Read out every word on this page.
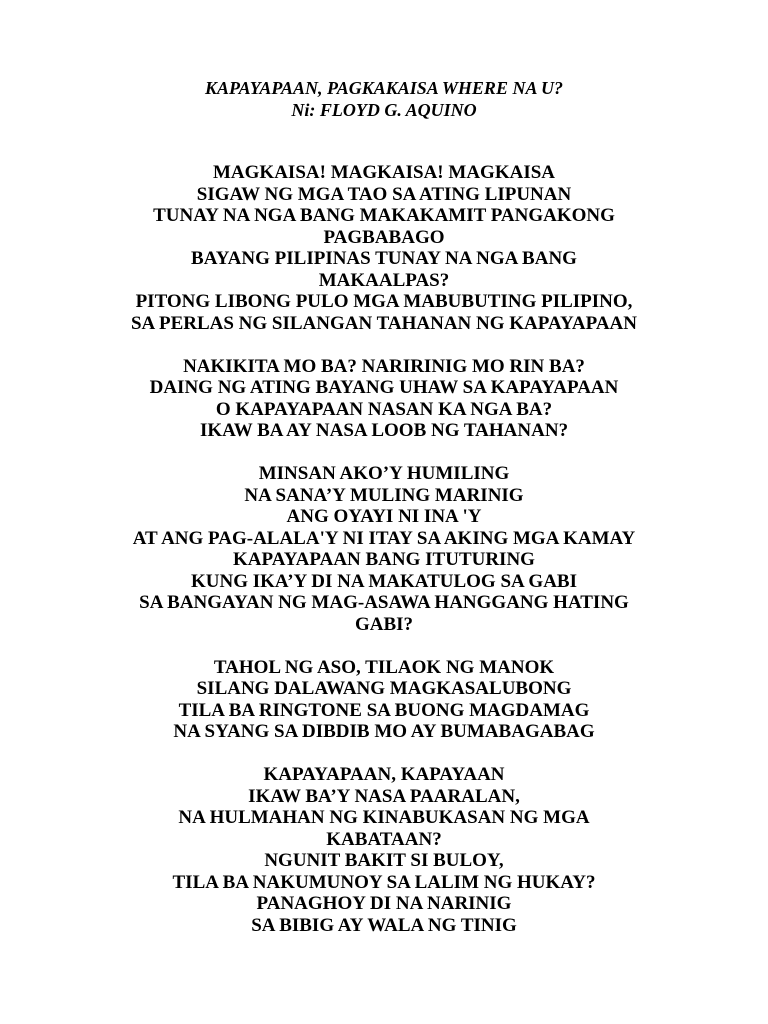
KAPAYAPAAN, PAGKAKAISA WHERE NA U?
Ni: FLOYD G. AQUINO
MAGKAISA! MAGKAISA! MAGKAISA
SIGAW NG MGA TAO SA ATING LIPUNAN
TUNAY NA NGA BANG MAKAKAMIT PANGAKONG
PAGBABAGO
BAYANG PILIPINAS TUNAY NA NGA BANG
MAKAALPAS?
PITONG LIBONG PULO MGA MABUBUTING PILIPINO,
SA PERLAS NG SILANGAN TAHANAN NG KAPAYAPAAN
NAKIKITA MO BA? NARIRINIG MO RIN BA?
DAING NG ATING BAYANG UHAW SA KAPAYAPAAN
O KAPAYAPAAN NASAN KA NGA BA?
IKAW BA AY NASA LOOB NG TAHANAN?
MINSAN AKO’Y HUMILING
NA SANA’Y MULING MARINIG
ANG OYAYI NI INA 'Y
AT ANG PAG-ALALA'Y NI ITAY SA AKING MGA KAMAY
KAPAYAPAAN BANG ITUTURING
KUNG IKA’Y DI NA MAKATULOG SA GABI
SA BANGAYAN NG MAG-ASAWA HANGGANG HATING
GABI?
TAHOL NG ASO, TILAOK NG MANOK
SILANG DALAWANG MAGKASALUBONG
TILA BA RINGTONE SA BUONG MAGDAMAG
NA SYANG SA DIBDIB MO AY BUMABAGABAG
KAPAYAPAAN, KAPAYAAN
IKAW BA’Y NASA PAARALAN,
NA HULMAHAN NG KINABUKASAN NG MGA
KABATAAN?
NGUNIT BAKIT SI BULOY,
TILA BA NAKUMUNOY SA LALIM NG HUKAY?
PANAGHOY DI NA NARINIG
SA BIBIG AY WALA NG TINIG
